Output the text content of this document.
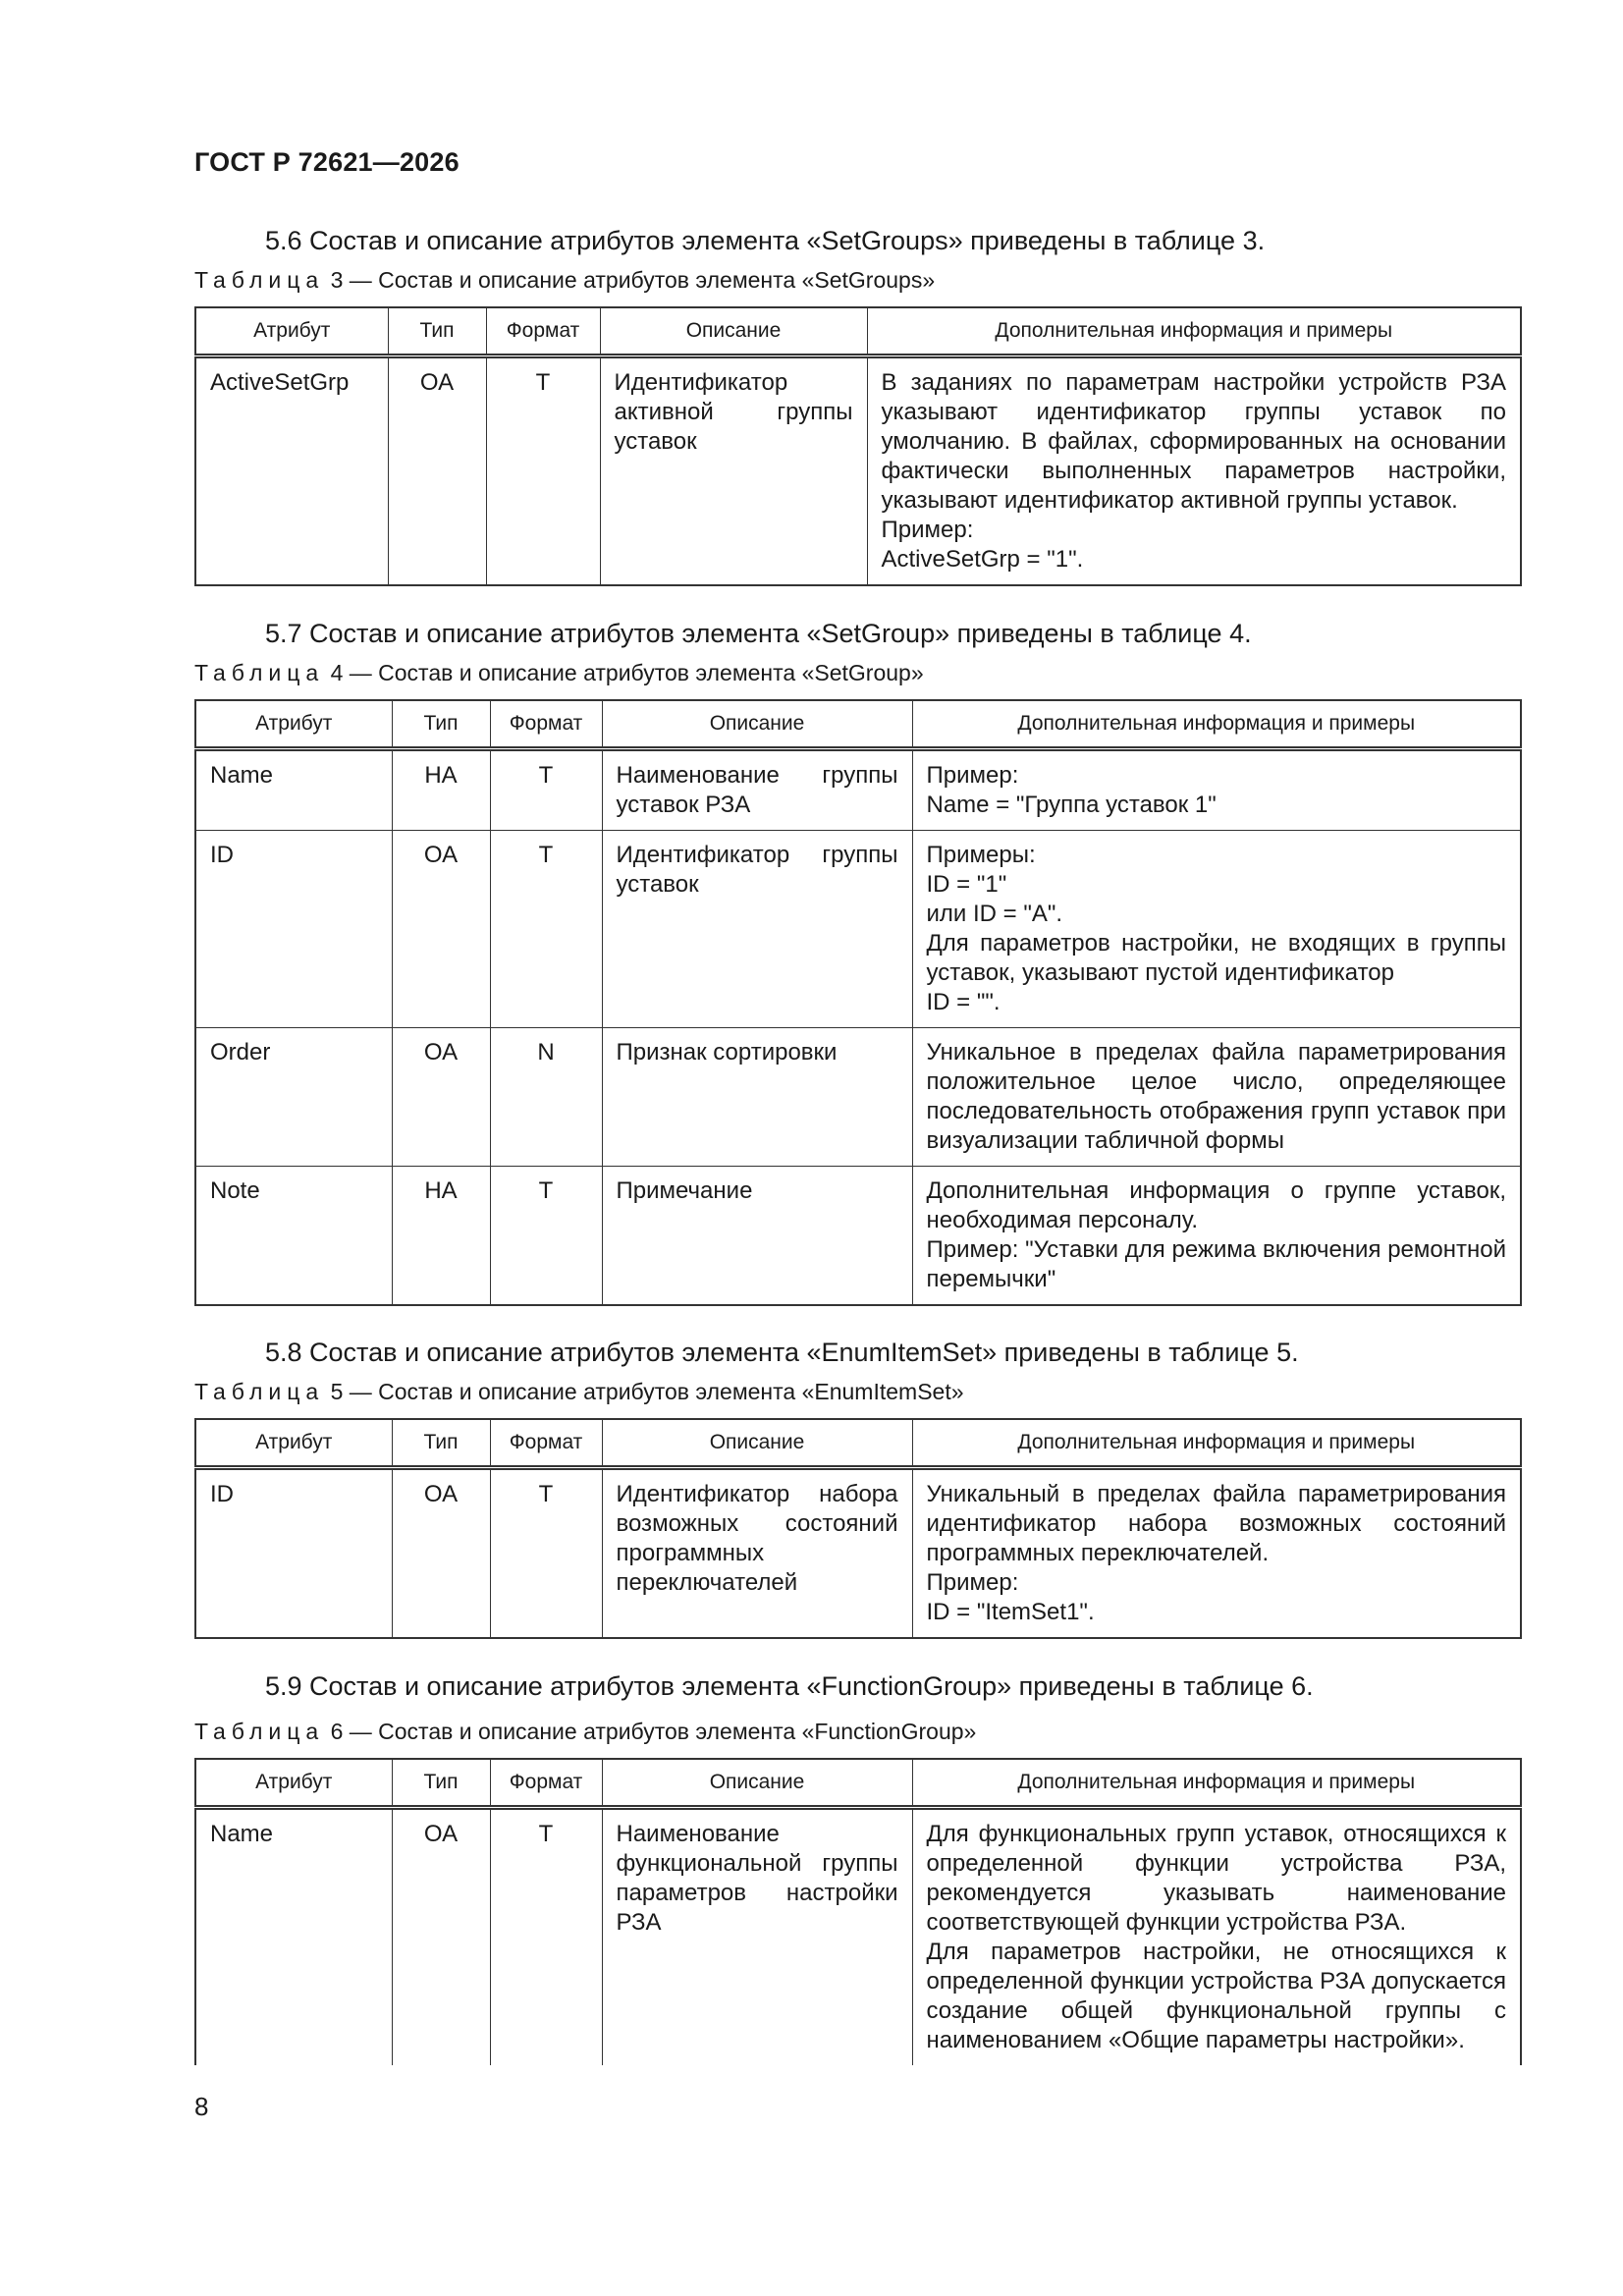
ГОСТ Р 72621—2026

5.6 Состав и описание атрибутов элемента «SetGroups» приведены в таблице 3.

Таблица 3 — Состав и описание атрибутов элемента «SetGroups»

Атрибут	Тип	Формат	Описание	Дополнительная информация и примеры
ActiveSetGrp	ОА	Т	Идентификатор активной группы уставок	В заданиях по параметрам настройки устройств РЗА указывают идентификатор группы уставок по умолчанию. В файлах, сформированных на основании фактически выполненных параметров настройки, указывают идентификатор активной группы уставок.
Пример:
ActiveSetGrp = "1".

5.7 Состав и описание атрибутов элемента «SetGroup» приведены в таблице 4.

Таблица 4 — Состав и описание атрибутов элемента «SetGroup»

Атрибут	Тип	Формат	Описание	Дополнительная информация и примеры
Name	НА	Т	Наименование группы уставок РЗА	Пример:
Name = "Группа уставок 1"

ID	ОА	Т	Идентификатор группы уставок	Примеры:
ID = "1"
или ID = "A".
Для параметров настройки, не входящих в группы уставок, указывают пустой идентификатор
ID = "".

Order	ОА	N	Признак сортировки	Уникальное в пределах файла параметрирования положительное целое число, определяющее последовательность отображения групп уставок при визуализации табличной формы

Note	НА	Т	Примечание	Дополнительная информация о группе уставок, необходимая персоналу.
Пример: "Уставки для режима включения ремонтной перемычки"

5.8 Состав и описание атрибутов элемента «EnumItemSet» приведены в таблице 5.

Таблица 5 — Состав и описание атрибутов элемента «EnumItemSet»

Атрибут	Тип	Формат	Описание	Дополнительная информация и примеры
ID	ОА	Т	Идентификатор набора возможных состояний программных переключателей	Уникальный в пределах файла параметрирования идентификатор набора возможных состояний программных переключателей.
Пример:
ID = "ItemSet1".

5.9 Состав и описание атрибутов элемента «FunctionGroup» приведены в таблице 6.

Таблица 6 — Состав и описание атрибутов элемента «FunctionGroup»

Атрибут	Тип	Формат	Описание	Дополнительная информация и примеры
Name	ОА	Т	Наименование функциональной группы параметров настройки РЗА	Для функциональных групп уставок, относящихся к определенной функции устройства РЗА, рекомендуется указывать наименование соответствующей функции устройства РЗА.
Для параметров настройки, не относящихся к определенной функции устройства РЗА допускается создание общей функциональной группы с наименованием «Общие параметры настройки».
8
